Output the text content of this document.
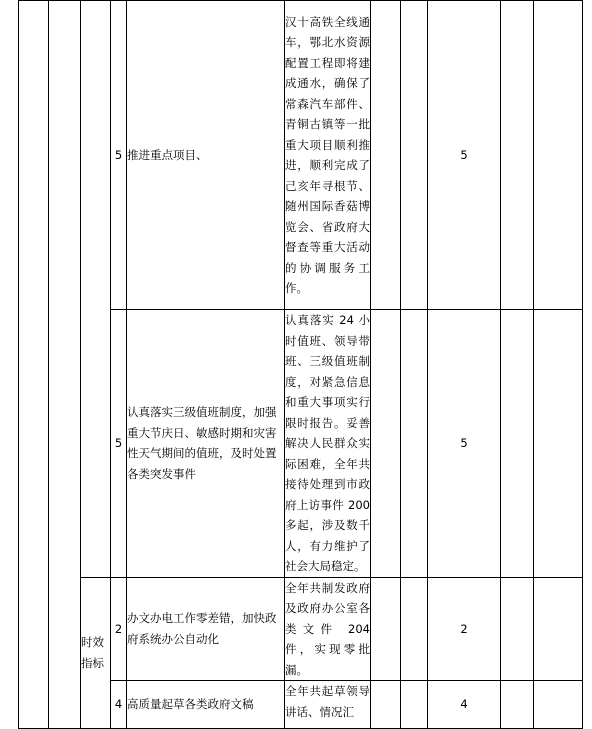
			5	推进重点项目、	汉十高铁全线通车，鄂北水资源配置工程即将建成通水，确保了常森汽车部件、青铜古镇等一批重大项目顺利推进，顺利完成了己亥年寻根节、随州国际香菇博览会、省政府大督查等重大活动的协调服务工作。			5		
			5	认真落实三级值班制度，加强重大节庆日、敏感时期和灾害性天气期间的值班，及时处置各类突发事件	认真落实 24 小时值班、领导带班、三级值班制度，对紧急信息和重大事项实行限时报告。妥善解决人民群众实际困难，全年共接待处理到市政府上访事件 200 多起，涉及数千人，有力维护了社会大局稳定。			5		
		时效指标	2	办文办电工作零差错，加快政府系统办公自动化	全年共制发政府及政府办公室各类文件 204 件，实现零批漏。			2		
			4	高质量起草各类政府文稿	全年共起草领导讲话、情况汇			4		
